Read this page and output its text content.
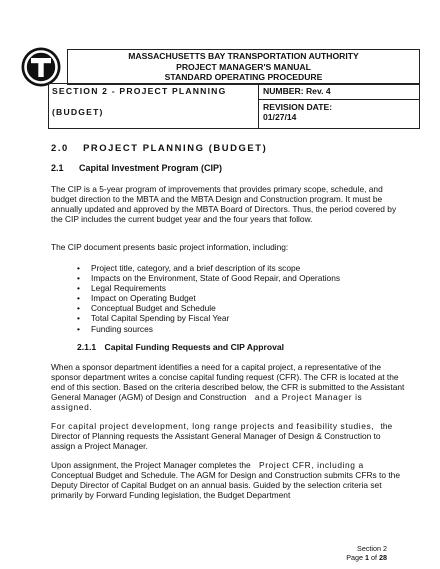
MASSACHUSETTS BAY TRANSPORTATION AUTHORITY
PROJECT MANAGER'S MANUAL
STANDARD OPERATING PROCEDURE
SECTION 2 - PROJECT PLANNING
(BUDGET)

NUMBER: Rev. 4
REVISION DATE:
01/27/14
2.0 PROJECT PLANNING (BUDGET)
2.1 Capital Investment Program (CIP)
The CIP is a 5-year program of improvements that provides primary scope, schedule, and budget direction to the MBTA and the MBTA Design and Construction program. It must be annually updated and approved by the MBTA Board of Directors. Thus, the period covered by the CIP includes the current budget year and the four years that follow.
The CIP document presents basic project information, including:
• Project title, category, and a brief description of its scope
• Impacts on the Environment, State of Good Repair, and Operations
• Legal Requirements
• Impact on Operating Budget
• Conceptual Budget and Schedule
• Total Capital Spending by Fiscal Year
• Funding sources
2.1.1 Capital Funding Requests and CIP Approval
When a sponsor department identifies a need for a capital project, a representative of the sponsor department writes a concise capital funding request (CFR). The CFR is located at the end of this section. Based on the criteria described below, the CFR is submitted to the Assistant General Manager (AGM) of Design and Construction and a Project Manager is assigned.
For capital project development, long range projects and feasibility studies, the Director of Planning requests the Assistant General Manager of Design & Construction to assign a Project Manager.
Upon assignment, the Project Manager completes the Project CFR, including a Conceptual Budget and Schedule. The AGM for Design and Construction submits CFRs to the Deputy Director of Capital Budget on an annual basis. Guided by the selection criteria set primarily by Forward Funding legislation, the Budget Department
Section 2
Page 1 of 28
